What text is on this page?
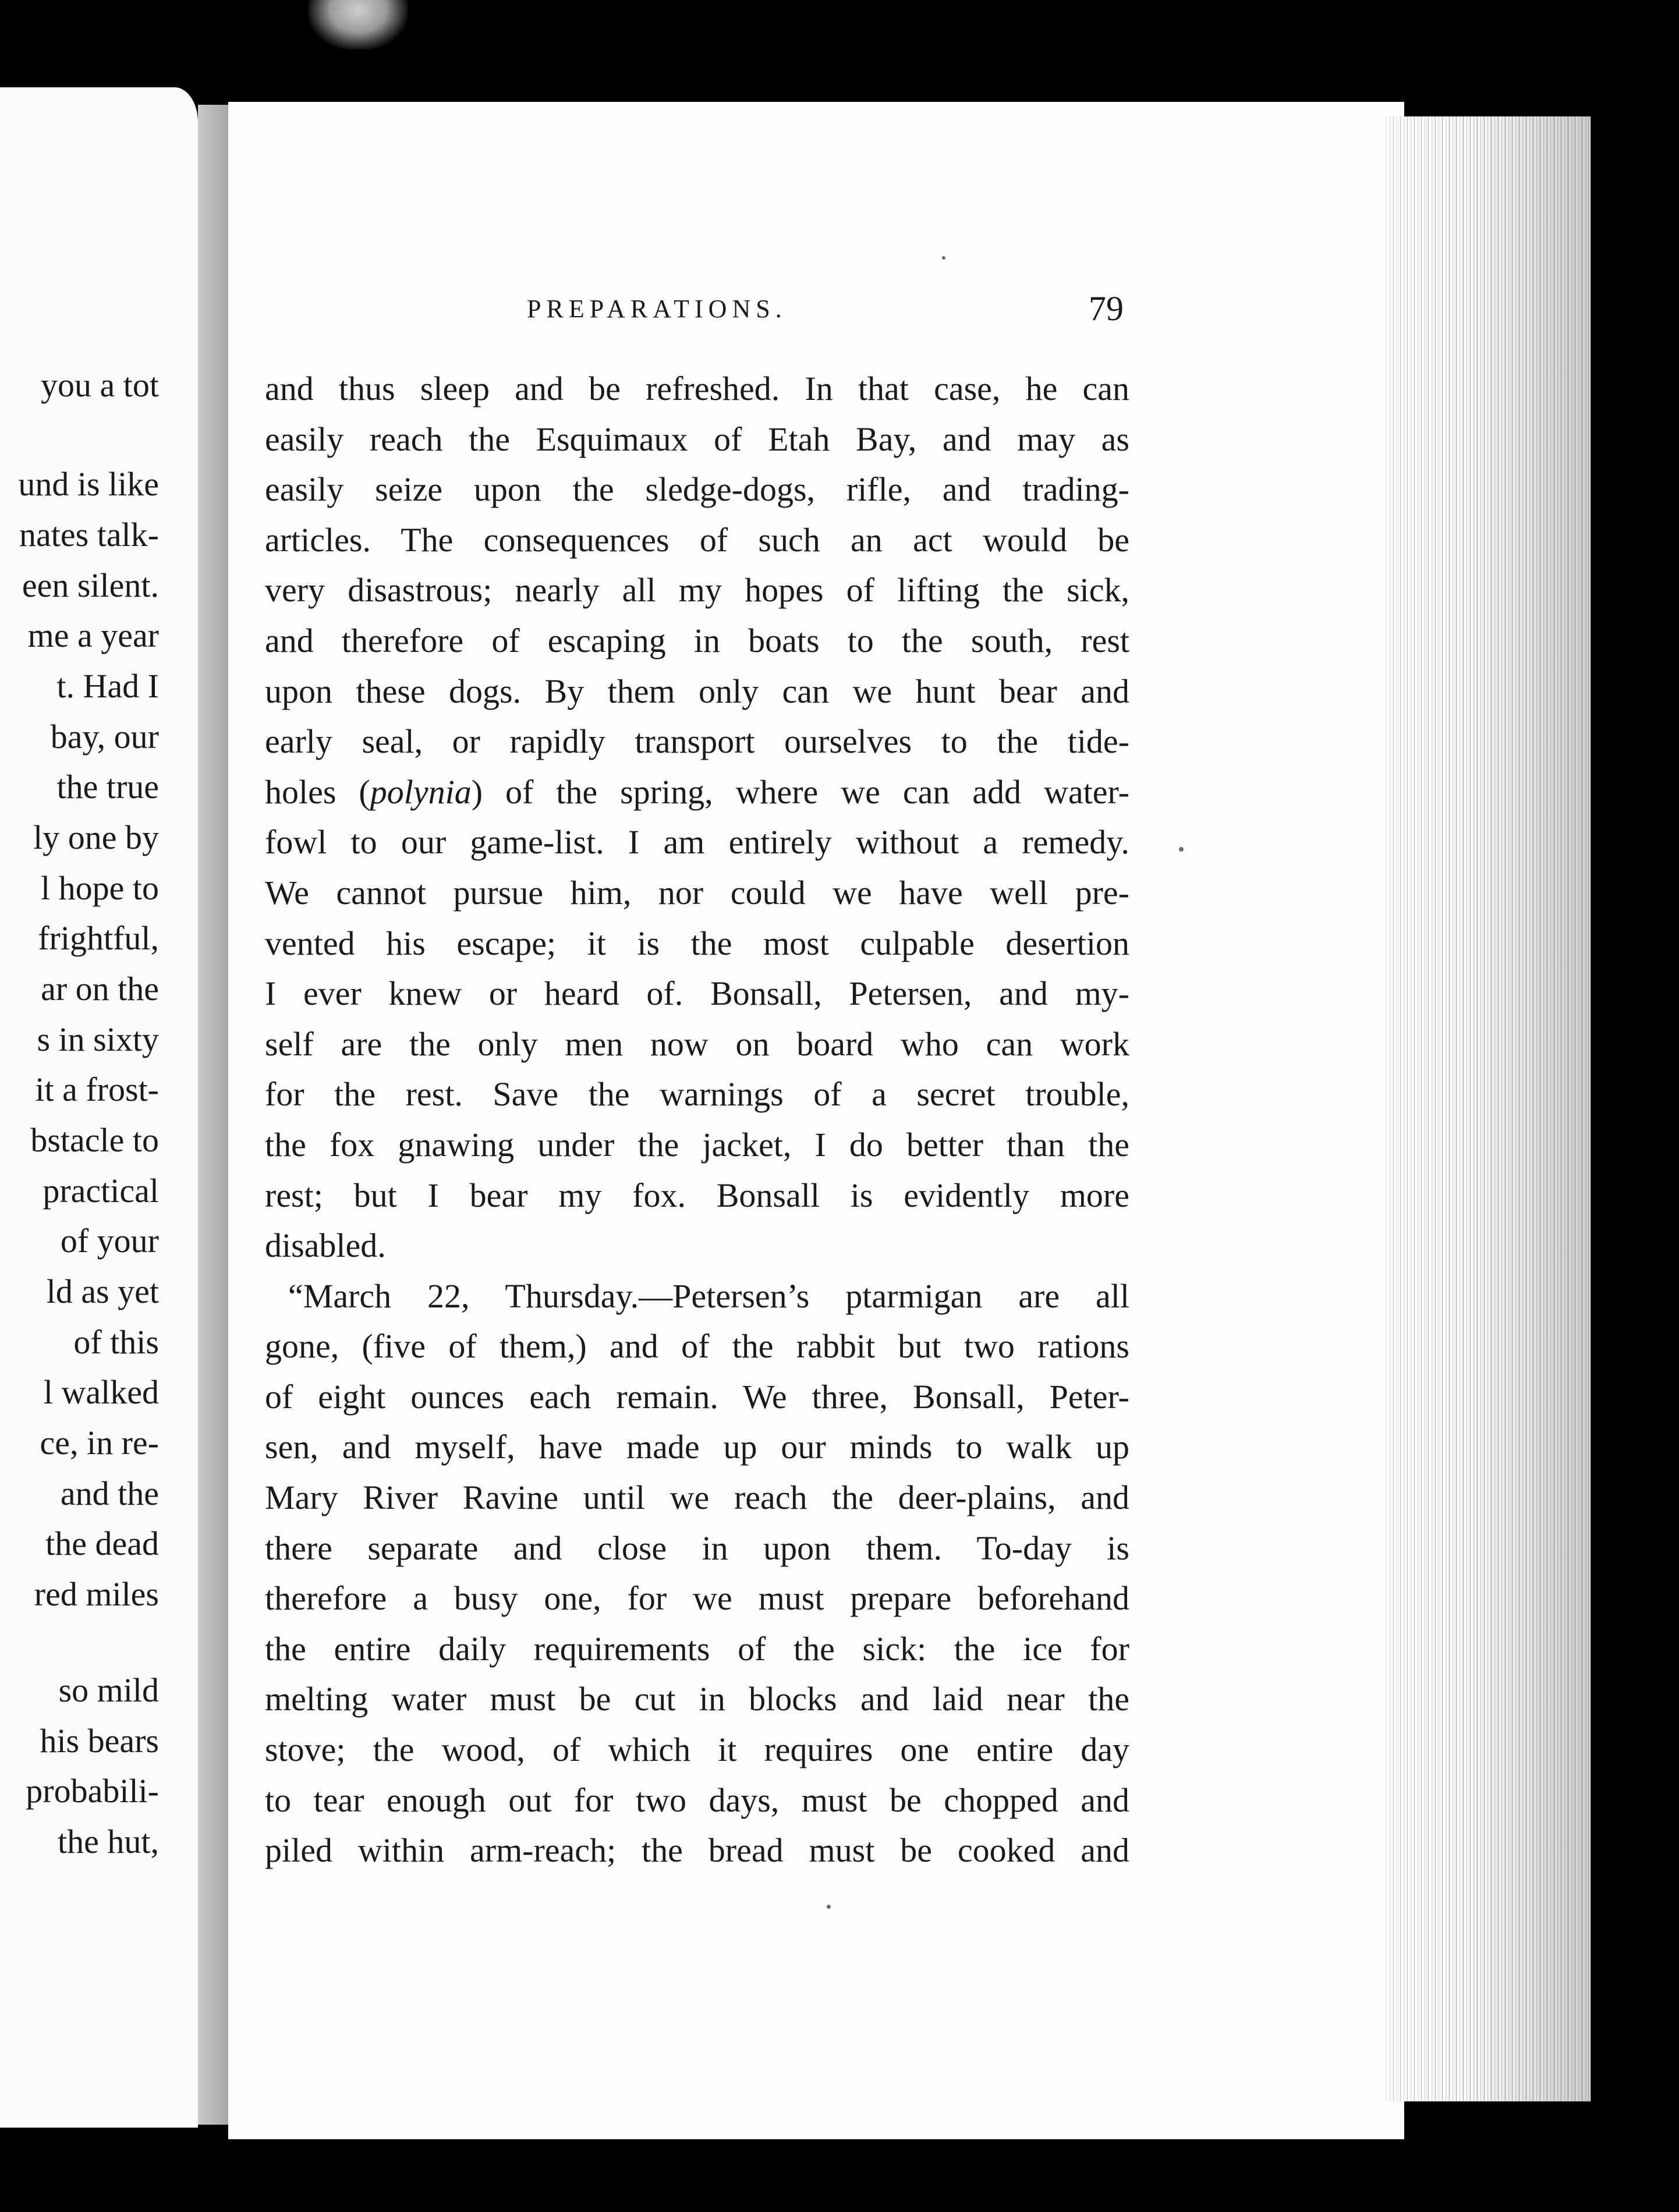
you a tot
und is like
nates talk-
een silent.
me a year
t. Had I
bay, our
the true
ly one by
l hope to
frightful,
ar on the
s in sixty
it a frost-
bstacle to
practical
of your
ld as yet
of this
l walked
ce, in re-
and the
the dead
red miles
so mild
his bears
probabili-
the hut,
PREPARATIONS.	79
and thus sleep and be refreshed. In that case, he can
easily reach the Esquimaux of Etah Bay, and may as
easily seize upon the sledge-dogs, rifle, and trading-
articles. The consequences of such an act would be
very disastrous; nearly all my hopes of lifting the sick,
and therefore of escaping in boats to the south, rest
upon these dogs. By them only can we hunt bear and
early seal, or rapidly transport ourselves to the tide-
holes (polynia) of the spring, where we can add water-
fowl to our game-list. I am entirely without a remedy.
We cannot pursue him, nor could we have well pre-
vented his escape; it is the most culpable desertion
I ever knew or heard of. Bonsall, Petersen, and my-
self are the only men now on board who can work
for the rest. Save the warnings of a secret trouble,
the fox gnawing under the jacket, I do better than the
rest; but I bear my fox. Bonsall is evidently more
disabled.
“March 22, Thursday.—Petersen’s ptarmigan are all
gone, (five of them,) and of the rabbit but two rations
of eight ounces each remain. We three, Bonsall, Peter-
sen, and myself, have made up our minds to walk up
Mary River Ravine until we reach the deer-plains, and
there separate and close in upon them. To-day is
therefore a busy one, for we must prepare beforehand
the entire daily requirements of the sick: the ice for
melting water must be cut in blocks and laid near the
stove; the wood, of which it requires one entire day
to tear enough out for two days, must be chopped and
piled within arm-reach; the bread must be cooked and
